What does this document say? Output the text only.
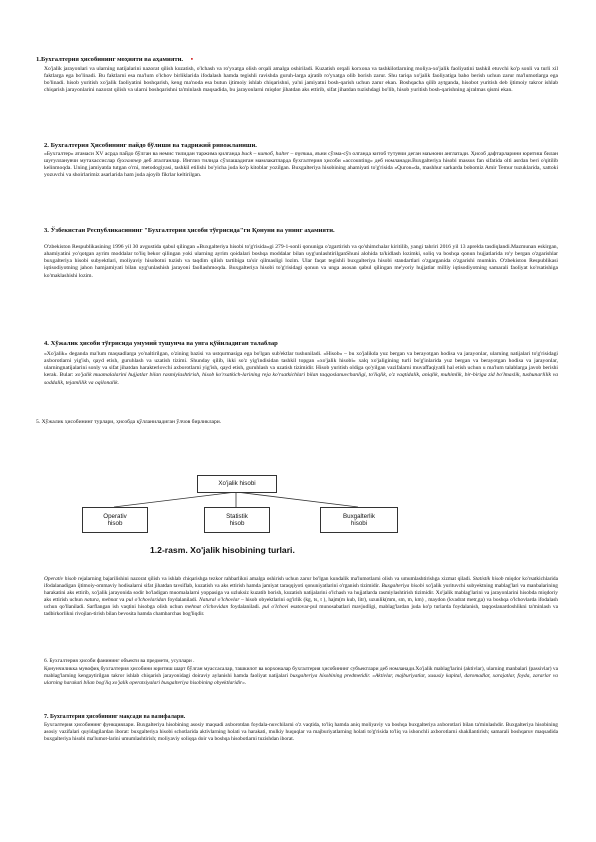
1.Бухгалтерия ҳисобининг моҳияти ва аҳамияти. •
Xo'jalik jarayonlari va ularning natijalarini nazorat qilish kuzatish, o'lchash va ro'yxatga olish orqali amalga oshiriladi. Kuzatish orqali korxona va tashkilotlarning moliya-xo'jalik faoliyatini tashkil etuvchi ko'p sonli va turli xil faktlarga ega bo'linadi. Bu faktlarni esa ma'lum o'lchov birliklarida ifodalash hamda tegishli ravishda guruh-larga ajratib ro'yxatga olib borish zarur. Shu tariqa xo'jalik faoliyatiga baho berish uchun zarur ma'lumotlarga ega bo'linadi. hisob yuritish xo'jalik faoliyatini boshqarish, keng ma'noda esa butun ijtimoiy ishlab chiqarishni, ya'ni jamiyatni bosh-qarish uchun zarur ekan. Boshqacha qilib aytganda, hisobot yuritish deb ijtimoiy takror ishlab chiqarish jarayonlarini nazorat qilish va ularni boshqarishni ta'minlash maqsadida, bu jarayonlarni miqdor jihatdan aks ettirib, sifat jihatdan tuzishdagi bo'lib, hisob yuritish bosh-qarishning ajralmas qismi ekan.
2. Бухгалтерия Ҳисобининг пайдо бўлиши ва тадрижий ривожланиши.
«Бухгалтер» атамаси XV асрда пайдо бўлган ва немис тилидан таржима қилганда buck – китоб, halter – тутиш, яъни сўзма-сўз олганда китоб тутувчи деган маънони англатади. Ҳисоб дафтарларини юритиш билан шуғулланувчи мутахассислар бухгалтер деб аталганлар. Инглиз тилида сўзлашадиган мамлакатларда бухгалтерия ҳисоби «accounting» деб номланади.Buxgalteriya hisobi massus fan sifatida olti asrdan beri o'qitilib kelinmoqda. Uning jamiyatda tutgan o'rni, metodogiyasi, tashkil etilishi bo'yicha juda ko'p kitoblar yozilgan. Buxgalteriya hisobining ahamiyati to'g'risida «Quron»da, mashhur sarkarda bobomiz Amir Temur tuzuklarida, xattoki yozuvchi va shoirlarimiz asarlarida ham juda ajoyib fikrlar keltirilgan.
3. Ўзбекистан Республикасининг "Бухгалтерия ҳисоби тўғрисида"ги Қонуни ва унинг аҳамияти.
O'zbekiston Respublikasining 1996 yil 30 avgustida qabul qilingan «Buxgalteriya hisobi to'g'risida»gi 279-1-sonli qonuniga o'zgartirish va qo'shimchalar kiritilib, yangi tahriri 2016 yil 13 aprelda tasdiqlandi.Mazmunan eskirgan, ahamiyatini yo'qotgan ayrim moddalar to'liq bekor qilingan yoki ularning ayrim qoidalari boshqa moddalar bilan uyg'unlashtirilganShuni alohida ta'kidlash lozimki, soliq va boshqa qonun hujjatlarida ro'y bergan o'zgarishlar buxgalteriya hisobi subyektlari, moliyaviy hisobotni tuzish va taqdim qilish tartibiga ta'sir qilmasligi lozim. Ular faqat tegishli buxgalteriya hisobi standartlari o'zgarganida o'zgarishi mumkin. O'zbekiston Respublikasi iqtisodiyotning jahon hamjamiyati bilan uyg'unlashish jarayoni faollashmoqda. Buxgalteriya hisobi to'g'risidagi qonun va unga asosan qabul qilingan me'yoriy hujjatlar milliy iqtisodiyotning samarali faoliyat ko'rsatishiga ko'maklashishi lozim.
4. Хўжалик ҳисоби тўғрисида умумий тушунча ва унга қўйиладиган талаблар
«Xo'jalik» deganda ma'lum maqsadlarga yo'naltirilgan, o'zining bazisi va ustqurmasiga ega bo'lgan sub'ektlar tushuniladi. «Hisob» – bu xo'jalikda yuz bergan va berayotgan hodisa va jarayonlar, ularning natijalari to'g'risidagi axborotlarni yig'ish, qayd etish, guruhlash va uzatish tizimi. Shunday qilib, ikki so'z yig'indisidan tashkil topgan «xo'jalik hisobi» xalq xo'jaligining turli bo'g'inlarida yuz bergan va berayotgan hodisa va jarayonlar, ularningnatijalarini sonly va sifat jihatdan harakterlovchi axborotlarni yig'ish, qayd etish, guruhlash va uzatish tizimidir. Hisob yuritish oldiga qo'yilgan vazifalarni muvaffaqiyatli hal etish uchun u ma'lum talablarga javob berishi kerak. Bular: xo'jalik muamalalarini hujjatlar bilan rasmiylashtirish, hisob ko'rsatkich-larining reja ko'rsatkichlari bilan taqqoslanuvchanligi, to'liqlik, o'z vaqtidalik, aniqlik, muhimlik, bir-biriga zid bo'lmaslik, tushunarlilik va soddalik, tejamlilik va oqilonalik.
5. Хўжалик ҳисобининг турлари, ҳисобда қўлланиладиган ўлчов бирликлари.
Xo'jalik hisobi
Operativ
hisob
Statistik
hisob
Buxgalterlik
hisobi
1.2-rasm. Xo'jalik hisobining turlari.
Operativ hisob rejalarning bajarilishini nazorat qilish va ishlab chiqarishga tezkor rahbarlikni amalga oshirish uchun zarur bo'lgan kundalik ma'lumotlarni olish va umumlashtirishga xizmat qiladi. Statistik hisob miqdor ko'rsatkichlarida ifodalanadigan ijtimoiy-ommaviy hodisalarni sifat jihatdan tavsiflab, kuzatish va aks ettirish hamda jamiyat taraqqiyoti qonuniyatlarini o'rganish tizimidir. Buxgalteriya hisobi xo'jalik yurituvchi subyektning mablag'lari va manbalarining harakatini aks ettirib, xo'jalik jarayonida sodir bo'ladigan muomalalarni yoppasiga va uzluksiz kuzatib borish, kuzatish natijalarini o'lchash va hujjatlarda rasmiylashtirish tizimidir. Xo'jalik mablag'larini va jarayonlarini hisobda miqdoriy aks ettirish uchun natura, mehnat va pul o'lchovlaridan foydalaniladi. Natural o'lchovlar – hisob obyektlarini og'irlik (kg, ts, t ), hajm(m kub, litr), uzunlik(mm, sm, m, km) , maydon (kvadrat metr,ga) va boshqa o'lchovlarda ifodalash uchun qo'llaniladi. Sarflangan ish vaqtini hisobga olish uchun mehnat o'lchovidan foydalaniladi. pul o'lchovi esatovar-pul munosabatlari mavjudligi, mablag'lardan juda ko'p turlarda foydalanish, taqqoslanardoshlikni ta'minlash va tadbirkorlikni rivojlan-tirish bilan bevosita hamda chambarchas bog'liqdir.
6. Бухгалтерия ҳисоби фанининг объекти ва предмети, усуллари .
Қонунчиликка мувофиқ бухгалтерия ҳисобини юритиш шарт бўлган муассасалар, ташкилот ва корхоналар бухгалтерия ҳисобининг субъектлари деб номланади.Xo'jalik mablag'larini (aktivlar), ularning manbalari (passivlar) va mablag'larning kengaytirilgan takror ishlab chiqarish jarayonidagi doiraviy aylanishi hamda faoliyat natijalari buxgalteriya hisobining predmetidir. «Aktivlar, majburiyatlar, xususiy kapital, daromadlar, xarajatlar, foyda, zararlar va ularning harakati bilan bog'liq xo'jalik operatsiyalari buxgalteriya hisobining obyektlaridir».
7. Бухгалтерия ҳисобининг мақсади ва вазифалари.
Бухгалтерия ҳисобининг функциялари. Buxgalteriya hisobining asosiy maqsadi axborotdan foydala-nuvchilarni o'z vaqtida, to'liq hamda aniq moliyaviy va boshqa buxgalteriya axborotlari bilan ta'minlashdir. Buxgalteriya hisobining asosiy vazifalari quyidagilardan iborat: buxgalteriya hisobi schotlarida aktivlarning holati va harakati, mulkiy huquqlar va majburiyatlarning holati to'g'risida to'liq va ishonchli axborotlarni shakllantirish; samarali boshqaruv maqsadida buxgalteriya hisobi ma'lumot-larini umumlashtirish; moliyaviy soliqqa doir va boshqa hisobotlarni tuzishdan iborat.
